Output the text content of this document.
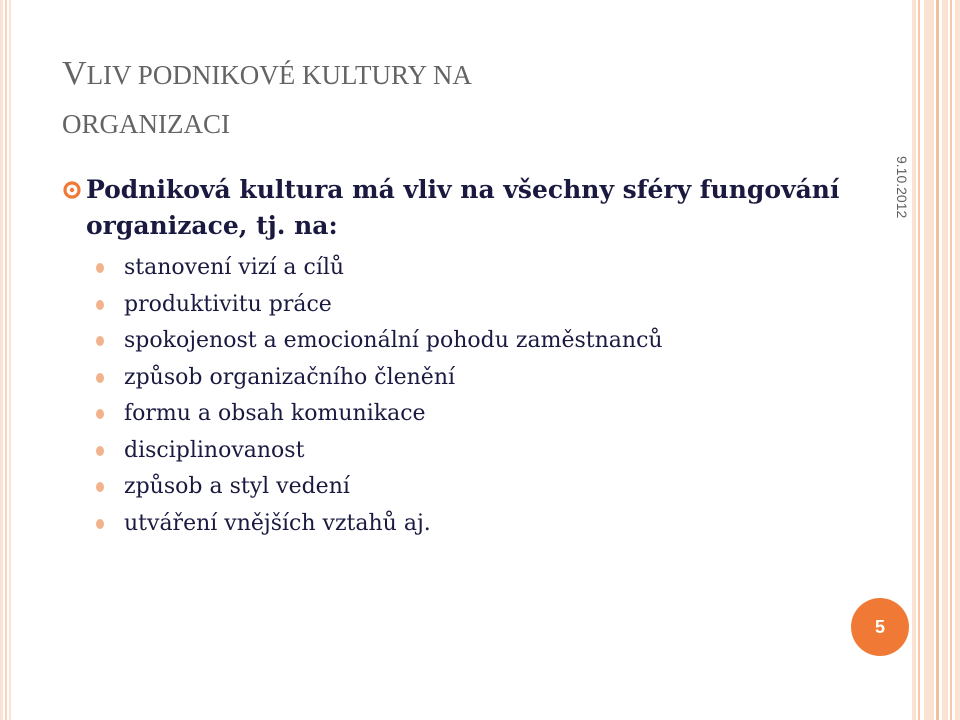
VLIV PODNIKOVÉ KULTURY NA
ORGANIZACI
9.10.2012
Podniková kultura má vliv na všechny sféry fungování organizace, tj. na:
stanovení vizí a cílů
produktivitu práce
spokojenost a emocionální pohodu zaměstnanců
způsob organizačního členění
formu a obsah komunikace
disciplinovanost
způsob a styl vedení
utváření vnějších vztahů aj.
5
